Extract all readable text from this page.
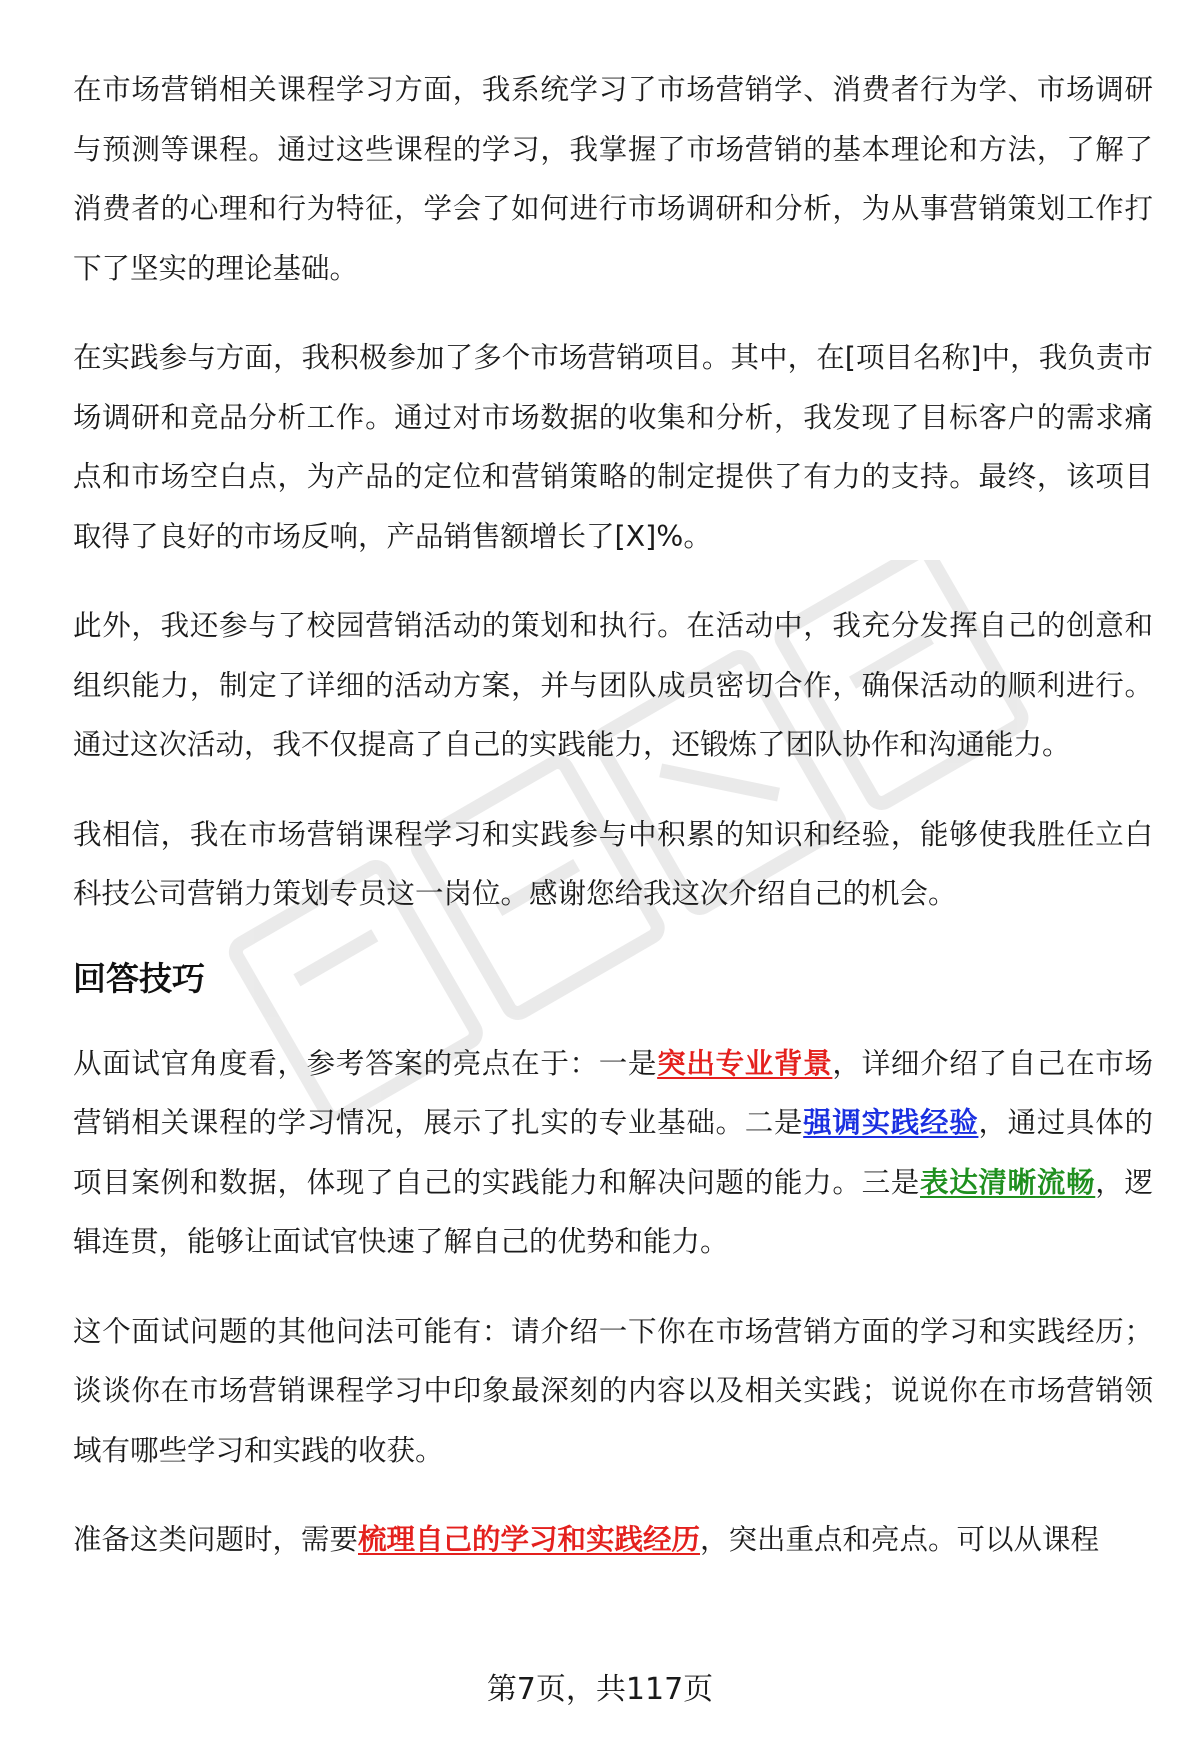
在市场营销相关课程学习方面，我系统学习了市场营销学、消费者行为学、市场调研与预测等课程。通过这些课程的学习，我掌握了市场营销的基本理论和方法，了解了消费者的心理和行为特征，学会了如何进行市场调研和分析，为从事营销策划工作打下了坚实的理论基础。

在实践参与方面，我积极参加了多个市场营销项目。其中，在[项目名称]中，我负责市场调研和竞品分析工作。通过对市场数据的收集和分析，我发现了目标客户的需求痛点和市场空白点，为产品的定位和营销策略的制定提供了有力的支持。最终，该项目取得了良好的市场反响，产品销售额增长了[X]%。

此外，我还参与了校园营销活动的策划和执行。在活动中，我充分发挥自己的创意和组织能力，制定了详细的活动方案，并与团队成员密切合作，确保活动的顺利进行。通过这次活动，我不仅提高了自己的实践能力，还锻炼了团队协作和沟通能力。

我相信，我在市场营销课程学习和实践参与中积累的知识和经验，能够使我胜任立白科技公司营销力策划专员这一岗位。感谢您给我这次介绍自己的机会。

回答技巧

从面试官角度看，参考答案的亮点在于：一是突出专业背景，详细介绍了自己在市场营销相关课程的学习情况，展示了扎实的专业基础。二是强调实践经验，通过具体的项目案例和数据，体现了自己的实践能力和解决问题的能力。三是表达清晰流畅，逻辑连贯，能够让面试官快速了解自己的优势和能力。

这个面试问题的其他问法可能有：请介绍一下你在市场营销方面的学习和实践经历；谈谈你在市场营销课程学习中印象最深刻的内容以及相关实践；说说你在市场营销领域有哪些学习和实践的收获。

准备这类问题时，需要梳理自己的学习和实践经历，突出重点和亮点。可以从课程

第7页，共117页
